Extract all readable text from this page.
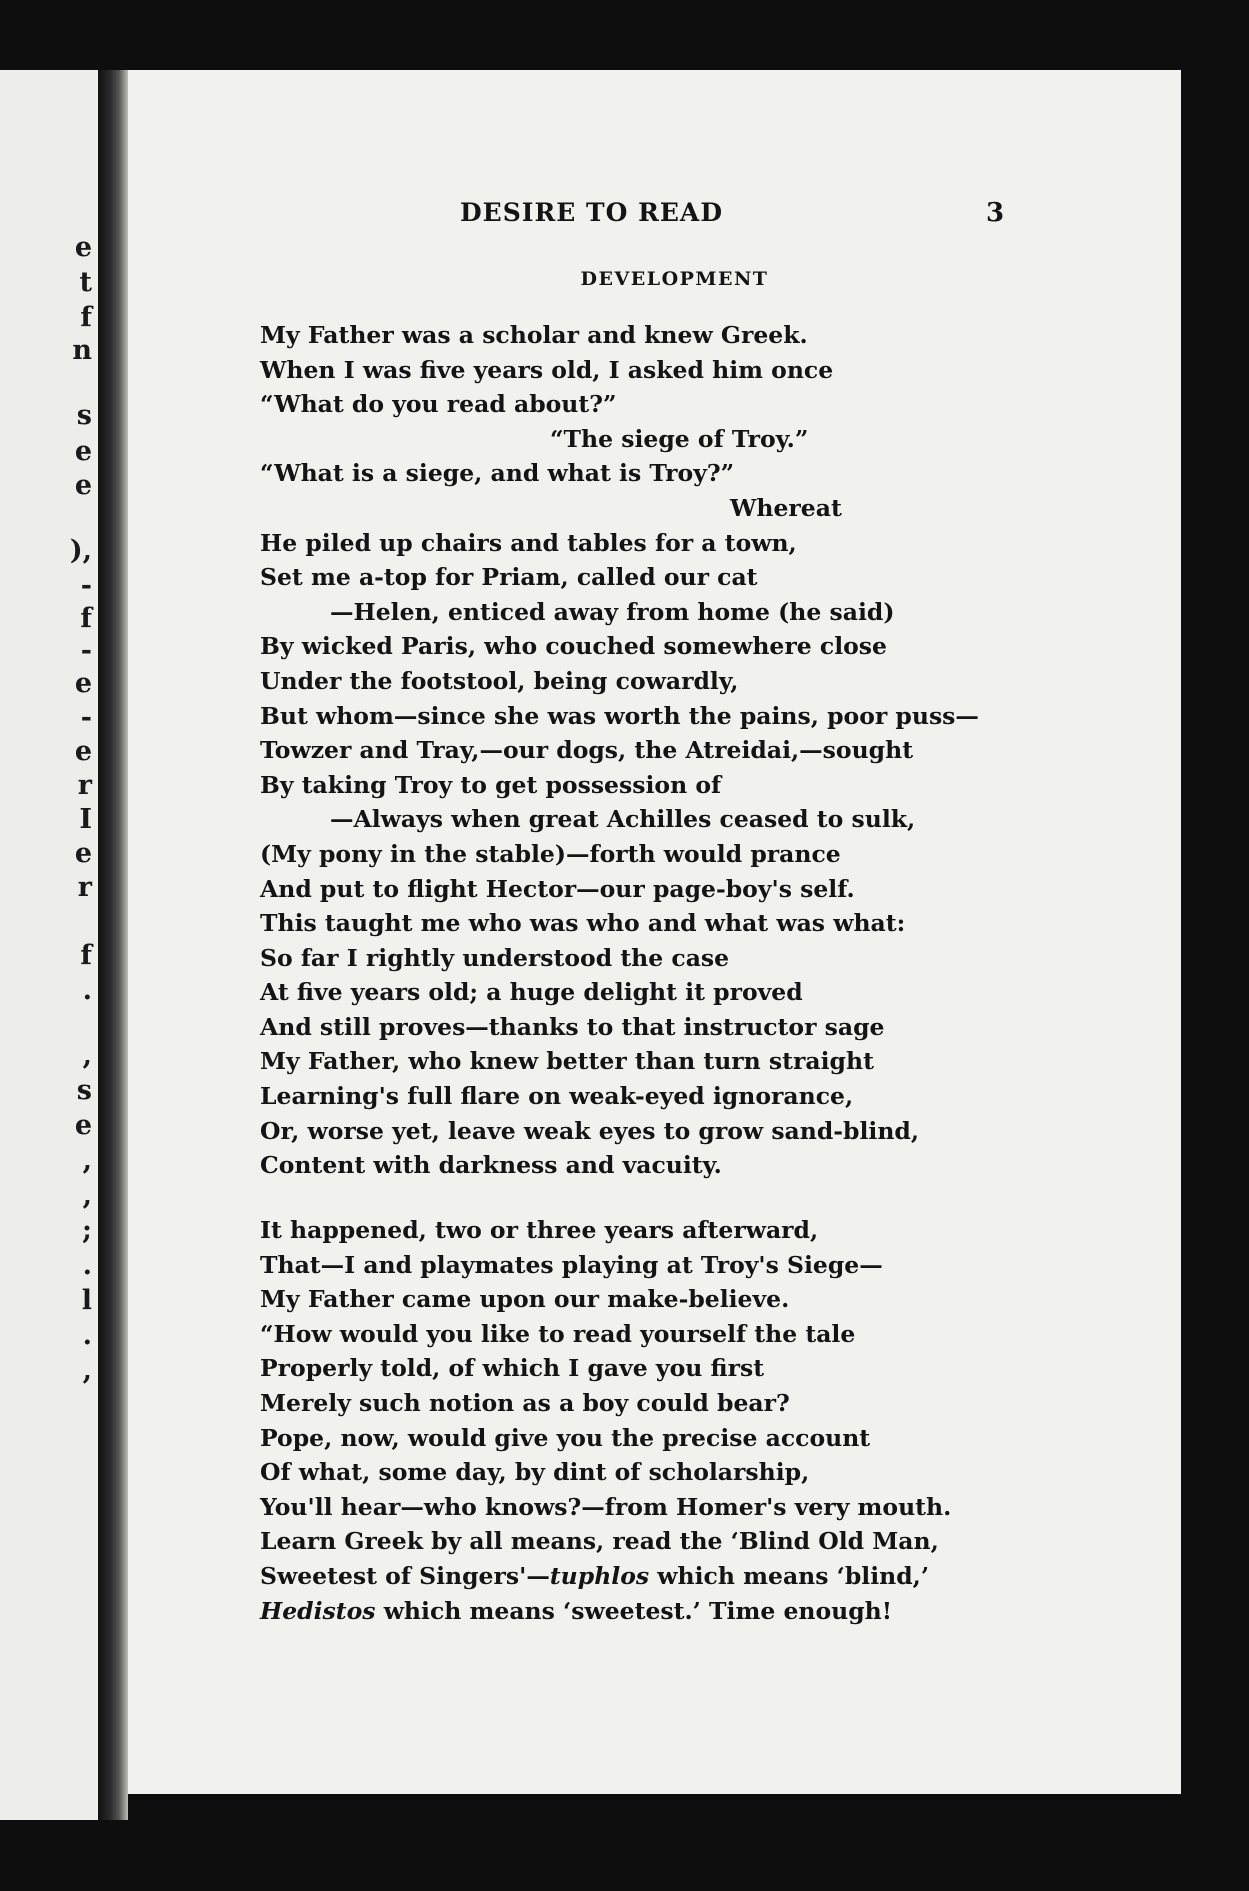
e
t
f
n
s
e
e
),
-
f
-
e
-
e
r
I
e
r
f
.
,
s
e
,
,
;
.
l
.
,
DESIRE TO READ	3
DEVELOPMENT
My Father was a scholar and knew Greek.
When I was five years old, I asked him once
“What do you read about?”
“The siege of Troy.”
“What is a siege, and what is Troy?”
Whereat
He piled up chairs and tables for a town,
Set me a-top for Priam, called our cat
—Helen, enticed away from home (he said)
By wicked Paris, who couched somewhere close
Under the footstool, being cowardly,
But whom—since she was worth the pains, poor puss—
Towzer and Tray,—our dogs, the Atreidai,—sought
By taking Troy to get possession of
—Always when great Achilles ceased to sulk,
(My pony in the stable)—forth would prance
And put to flight Hector—our page-boy's self.
This taught me who was who and what was what:
So far I rightly understood the case
At five years old; a huge delight it proved
And still proves—thanks to that instructor sage
My Father, who knew better than turn straight
Learning's full flare on weak-eyed ignorance,
Or, worse yet, leave weak eyes to grow sand-blind,
Content with darkness and vacuity.
It happened, two or three years afterward,
That—I and playmates playing at Troy's Siege—
My Father came upon our make-believe.
“How would you like to read yourself the tale
Properly told, of which I gave you first
Merely such notion as a boy could bear?
Pope, now, would give you the precise account
Of what, some day, by dint of scholarship,
You'll hear—who knows?—from Homer's very mouth.
Learn Greek by all means, read the ‘Blind Old Man,
Sweetest of Singers'—tuphlos which means ‘blind,’
Hedistos which means ‘sweetest.’ Time enough!
